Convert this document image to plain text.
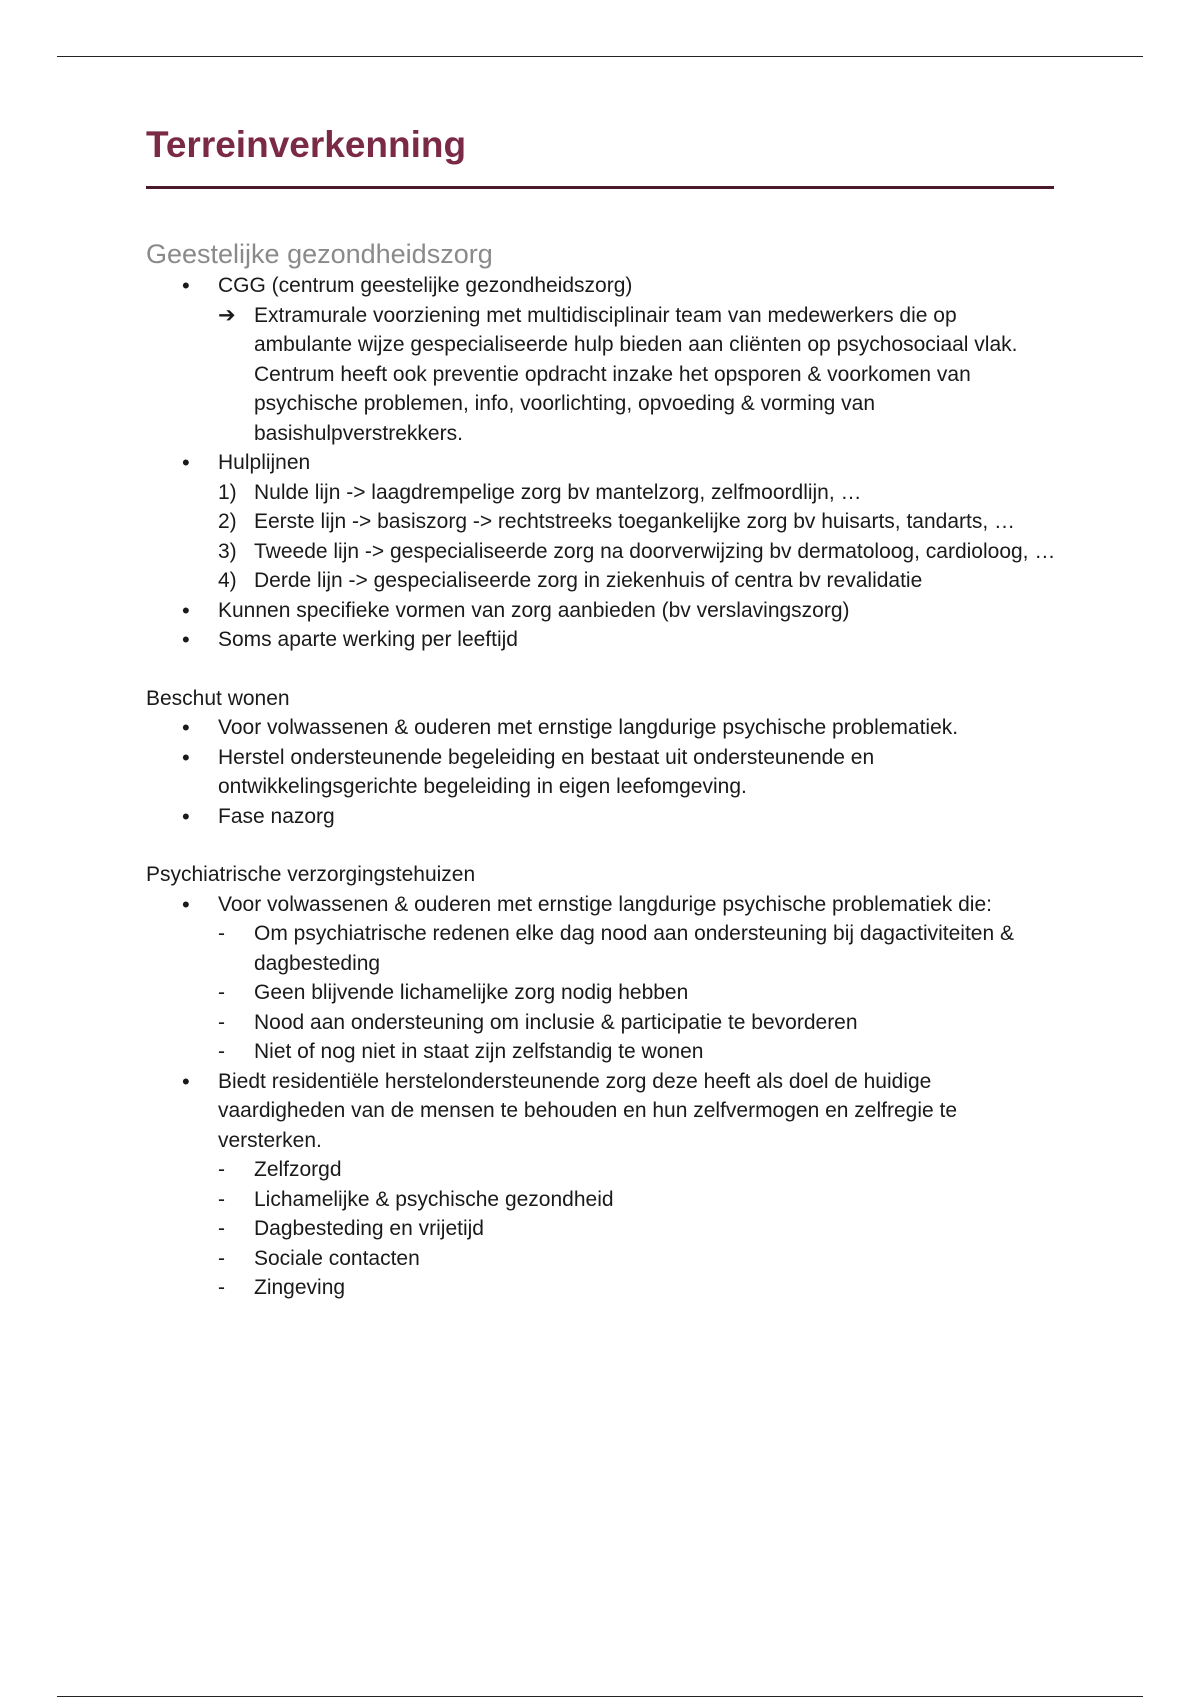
Terreinverkenning
Geestelijke gezondheidszorg
• CGG (centrum geestelijke gezondheidszorg)
➔ Extramurale voorziening met multidisciplinair team van medewerkers die op ambulante wijze gespecialiseerde hulp bieden aan cliënten op psychosociaal vlak. Centrum heeft ook preventie opdracht inzake het opsporen & voorkomen van psychische problemen, info, voorlichting, opvoeding & vorming van basishulpverstrekkers.
• Hulplijnen
1) Nulde lijn -> laagdrempelige zorg bv mantelzorg, zelfmoordlijn, …
2) Eerste lijn -> basiszorg -> rechtstreeks toegankelijke zorg bv huisarts, tandarts, …
3) Tweede lijn -> gespecialiseerde zorg na doorverwijzing bv dermatoloog, cardioloog, …
4) Derde lijn -> gespecialiseerde zorg in ziekenhuis of centra bv revalidatie
• Kunnen specifieke vormen van zorg aanbieden (bv verslavingszorg)
• Soms aparte werking per leeftijd
Beschut wonen
• Voor volwassenen & ouderen met ernstige langdurige psychische problematiek.
• Herstel ondersteunende begeleiding en bestaat uit ondersteunende en ontwikkelingsgerichte begeleiding in eigen leefomgeving.
• Fase nazorg
Psychiatrische verzorgingstehuizen
• Voor volwassenen & ouderen met ernstige langdurige psychische problematiek die:
- Om psychiatrische redenen elke dag nood aan ondersteuning bij dagactiviteiten & dagbesteding
- Geen blijvende lichamelijke zorg nodig hebben
- Nood aan ondersteuning om inclusie & participatie te bevorderen
- Niet of nog niet in staat zijn zelfstandig te wonen
• Biedt residentiële herstelondersteunende zorg deze heeft als doel de huidige vaardigheden van de mensen te behouden en hun zelfvermogen en zelfregie te versterken.
- Zelfzorgd
- Lichamelijke & psychische gezondheid
- Dagbesteding en vrijetijd
- Sociale contacten
- Zingeving
